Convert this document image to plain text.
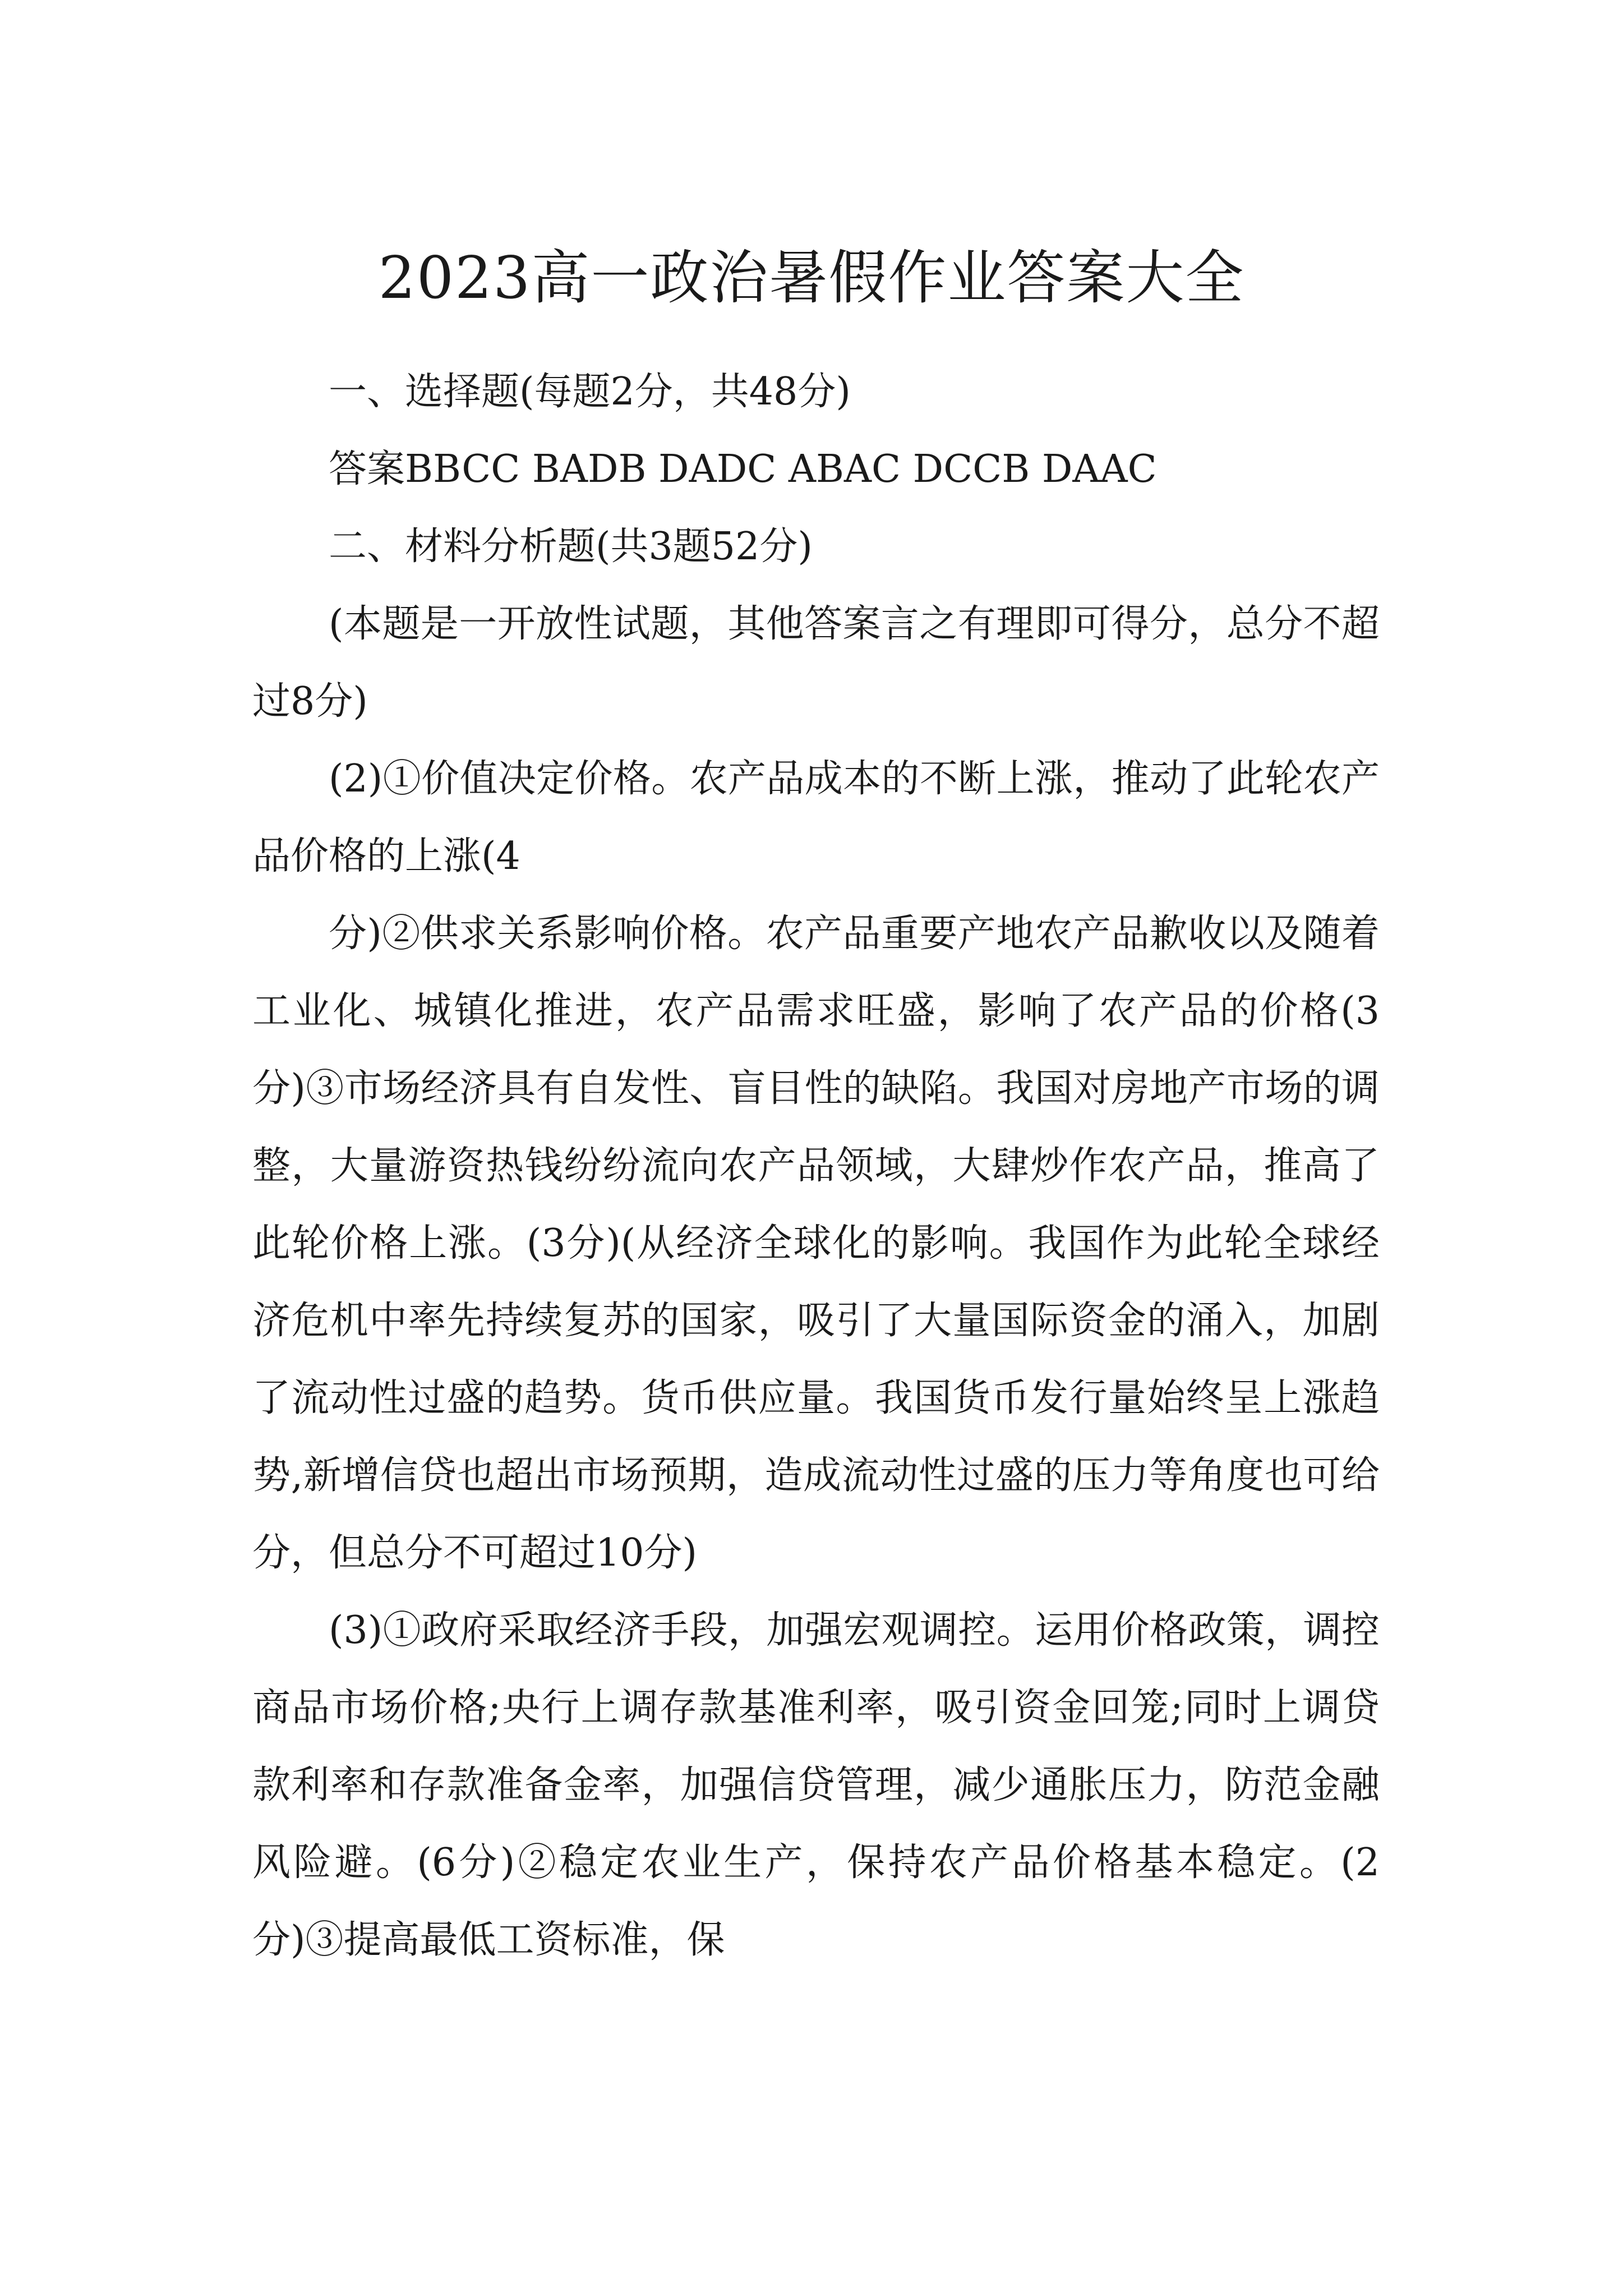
2023高一政治暑假作业答案大全

一、选择题(每题2分，共48分)

答案BBCC BADB DADC ABAC DCCB DAAC

二、材料分析题(共3题52分)

(本题是一开放性试题，其他答案言之有理即可得分，总分不超过8分)

(2)①价值决定价格。农产品成本的不断上涨，推动了此轮农产品价格的上涨(4

分)②供求关系影响价格。农产品重要产地农产品歉收以及随着工业化、城镇化推进，农产品需求旺盛，影响了农产品的价格(3分)③市场经济具有自发性、盲目性的缺陷。我国对房地产市场的调整，大量游资热钱纷纷流向农产品领域，大肆炒作农产品，推高了此轮价格上涨。(3分)(从经济全球化的影响。我国作为此轮全球经济危机中率先持续复苏的国家，吸引了大量国际资金的涌入，加剧了流动性过盛的趋势。货币供应量。我国货币发行量始终呈上涨趋势,新增信贷也超出市场预期，造成流动性过盛的压力等角度也可给分，但总分不可超过10分)

(3)①政府采取经济手段，加强宏观调控。运用价格政策，调控商品市场价格;央行上调存款基准利率，吸引资金回笼;同时上调贷款利率和存款准备金率，加强信贷管理，减少通胀压力，防范金融风险避。(6分)②稳定农业生产，保持农产品价格基本稳定。(2分)③提高最低工资标准，保
